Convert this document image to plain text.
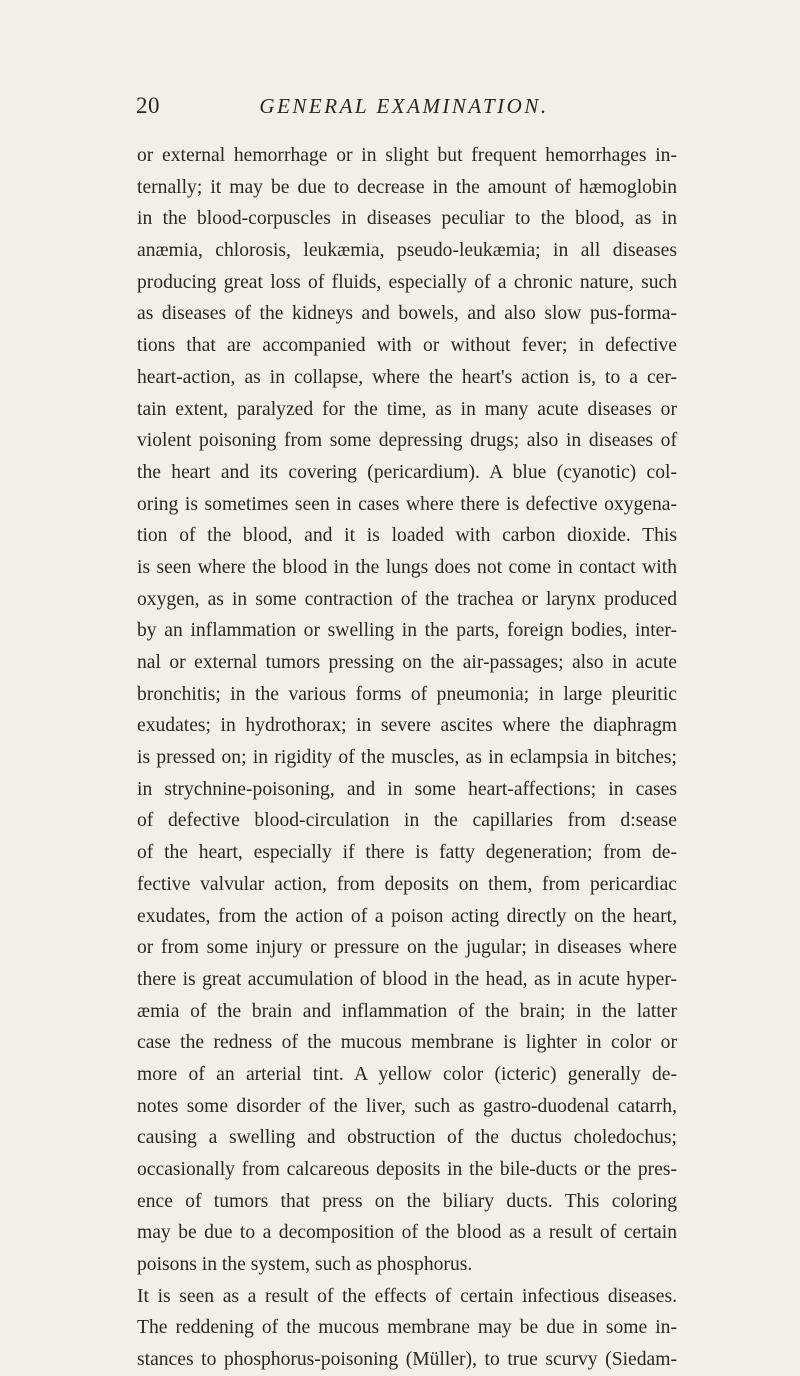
20	GENERAL EXAMINATION.
or external hemorrhage or in slight but frequent hemorrhages in-
ternally; it may be due to decrease in the amount of hæmoglobin
in the blood-corpuscles in diseases peculiar to the blood, as in
anæmia, chlorosis, leukæmia, pseudo-leukæmia; in all diseases
producing great loss of fluids, especially of a chronic nature, such
as diseases of the kidneys and bowels, and also slow pus-forma-
tions that are accompanied with or without fever; in defective
heart-action, as in collapse, where the heart's action is, to a cer-
tain extent, paralyzed for the time, as in many acute diseases or
violent poisoning from some depressing drugs; also in diseases of
the heart and its covering (pericardium). A blue (cyanotic) col-
oring is sometimes seen in cases where there is defective oxygena-
tion of the blood, and it is loaded with carbon dioxide. This
is seen where the blood in the lungs does not come in contact with
oxygen, as in some contraction of the trachea or larynx produced
by an inflammation or swelling in the parts, foreign bodies, inter-
nal or external tumors pressing on the air-passages; also in acute
bronchitis; in the various forms of pneumonia; in large pleuritic
exudates; in hydrothorax; in severe ascites where the diaphragm
is pressed on; in rigidity of the muscles, as in eclampsia in bitches;
in strychnine-poisoning, and in some heart-affections; in cases
of defective blood-circulation in the capillaries from d:sease
of the heart, especially if there is fatty degeneration; from de-
fective valvular action, from deposits on them, from pericardiac
exudates, from the action of a poison acting directly on the heart,
or from some injury or pressure on the jugular; in diseases where
there is great accumulation of blood in the head, as in acute hyper-
æmia of the brain and inflammation of the brain; in the latter
case the redness of the mucous membrane is lighter in color or
more of an arterial tint. A yellow color (icteric) generally de-
notes some disorder of the liver, such as gastro-duodenal catarrh,
causing a swelling and obstruction of the ductus choledochus;
occasionally from calcareous deposits in the bile-ducts or the pres-
ence of tumors that press on the biliary ducts. This coloring
may be due to a decomposition of the blood as a result of certain
poisons in the system, such as phosphorus.
It is seen as a result of the effects of certain infectious diseases.
The reddening of the mucous membrane may be due in some in-
stances to phosphorus-poisoning (Müller), to true scurvy (Siedam-
